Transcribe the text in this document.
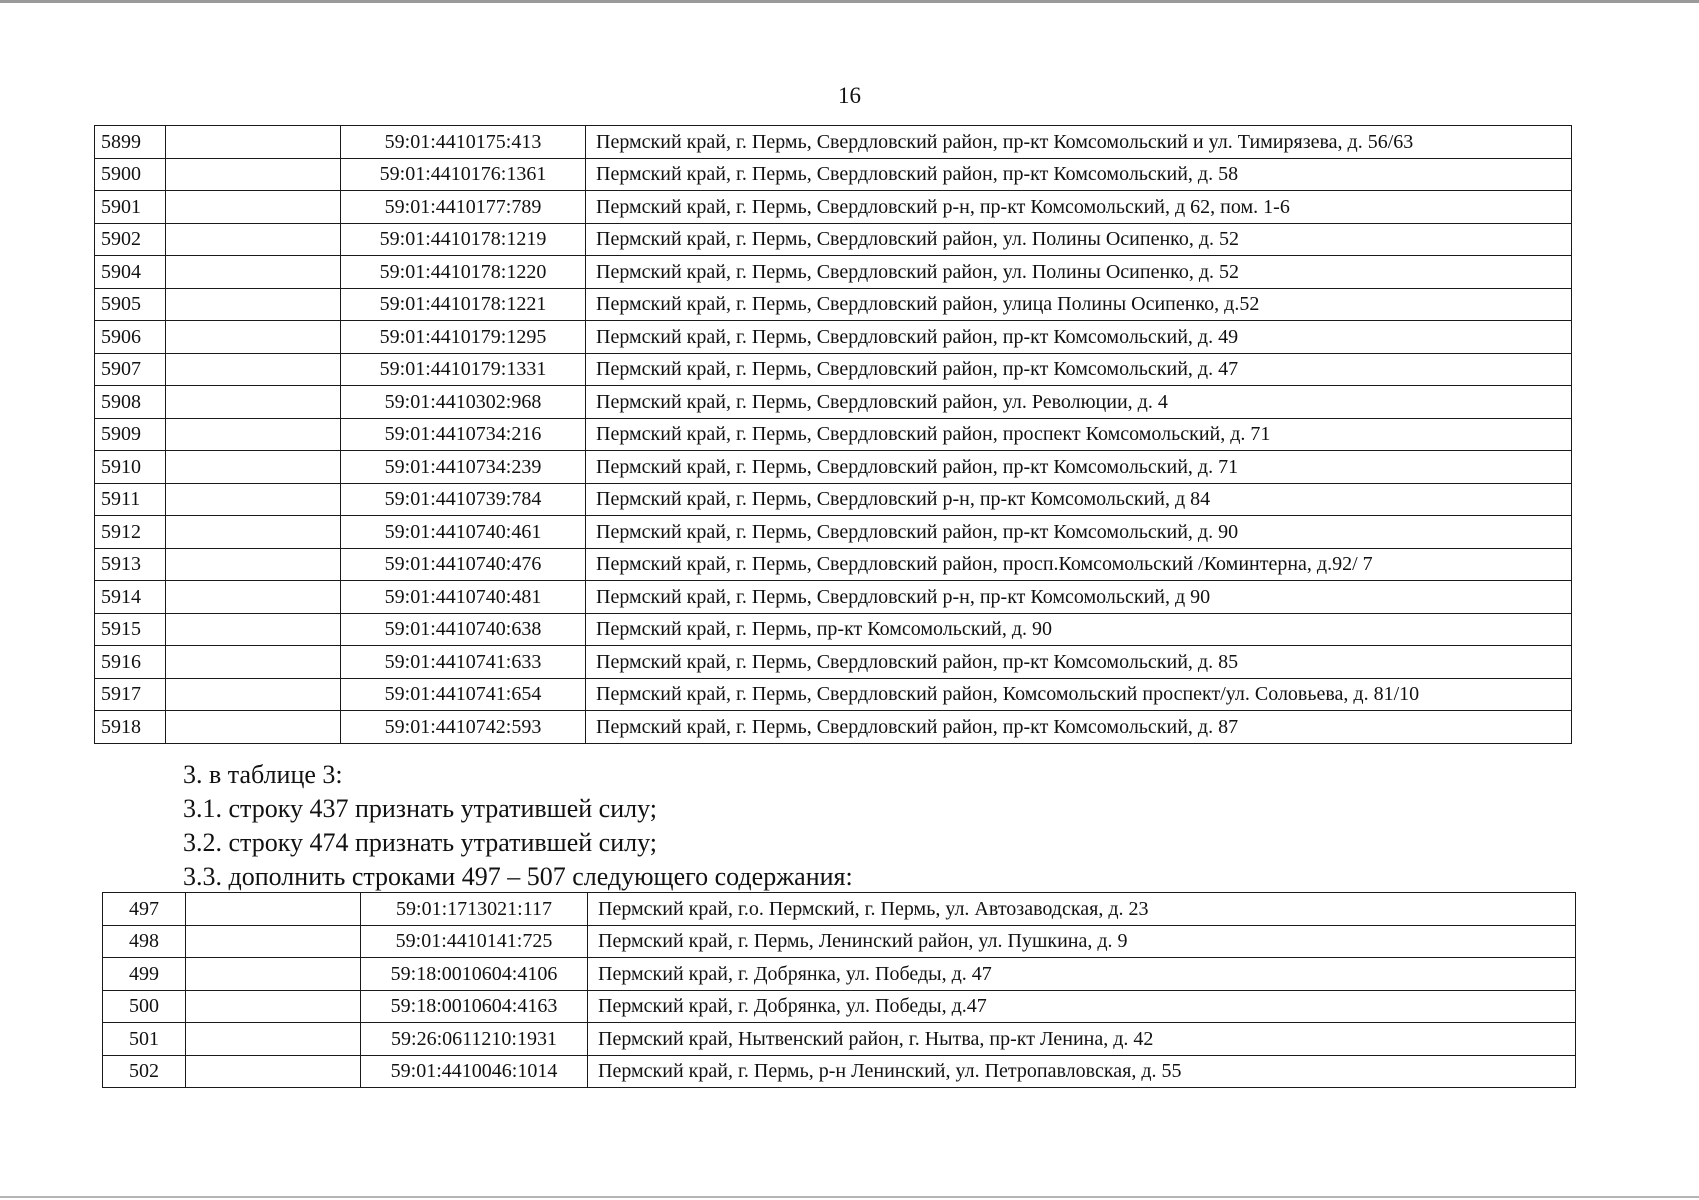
16
5899		59:01:4410175:413	Пермский край, г. Пермь, Свердловский район, пр-кт Комсомольский и ул. Тимирязева, д. 56/63
5900		59:01:4410176:1361	Пермский край, г. Пермь, Свердловский район, пр-кт Комсомольский, д. 58
5901		59:01:4410177:789	Пермский край, г. Пермь, Свердловский р-н, пр-кт Комсомольский, д 62, пом. 1-6
5902		59:01:4410178:1219	Пермский край, г. Пермь, Свердловский район, ул. Полины Осипенко, д. 52
5904		59:01:4410178:1220	Пермский край, г. Пермь, Свердловский район, ул. Полины Осипенко, д. 52
5905		59:01:4410178:1221	Пермский край, г. Пермь, Свердловский район, улица Полины Осипенко, д.52
5906		59:01:4410179:1295	Пермский край, г. Пермь, Свердловский район, пр-кт Комсомольский, д. 49
5907		59:01:4410179:1331	Пермский край, г. Пермь, Свердловский район, пр-кт Комсомольский, д. 47
5908		59:01:4410302:968	Пермский край, г. Пермь, Свердловский район, ул. Революции, д. 4
5909		59:01:4410734:216	Пермский край, г. Пермь, Свердловский район, проспект Комсомольский, д. 71
5910		59:01:4410734:239	Пермский край, г. Пермь, Свердловский район, пр-кт Комсомольский, д. 71
5911		59:01:4410739:784	Пермский край, г. Пермь, Свердловский р-н, пр-кт Комсомольский, д 84
5912		59:01:4410740:461	Пермский край, г. Пермь, Свердловский район, пр-кт Комсомольский, д. 90
5913		59:01:4410740:476	Пермский край, г. Пермь, Свердловский район, просп.Комсомольский /Коминтерна, д.92/ 7
5914		59:01:4410740:481	Пермский край, г. Пермь, Свердловский р-н, пр-кт Комсомольский, д 90
5915		59:01:4410740:638	Пермский край, г. Пермь, пр-кт Комсомольский, д. 90
5916		59:01:4410741:633	Пермский край, г. Пермь, Свердловский район, пр-кт Комсомольский, д. 85
5917		59:01:4410741:654	Пермский край, г. Пермь, Свердловский район, Комсомольский проспект/ул. Соловьева, д. 81/10
5918		59:01:4410742:593	Пермский край, г. Пермь, Свердловский район, пр-кт Комсомольский, д. 87
3. в таблице 3:
3.1. строку 437 признать утратившей силу;
3.2. строку 474 признать утратившей силу;
3.3. дополнить строками 497 – 507 следующего содержания:
497		59:01:1713021:117	Пермский край, г.о. Пермский, г. Пермь, ул. Автозаводская, д. 23
498		59:01:4410141:725	Пермский край, г. Пермь, Ленинский район, ул. Пушкина, д. 9
499		59:18:0010604:4106	Пермский край, г. Добрянка, ул. Победы, д. 47
500		59:18:0010604:4163	Пермский край, г. Добрянка, ул. Победы, д.47
501		59:26:0611210:1931	Пермский край, Нытвенский район, г. Нытва, пр-кт Ленина, д. 42
502		59:01:4410046:1014	Пермский край, г. Пермь, р-н Ленинский, ул. Петропавловская, д. 55
